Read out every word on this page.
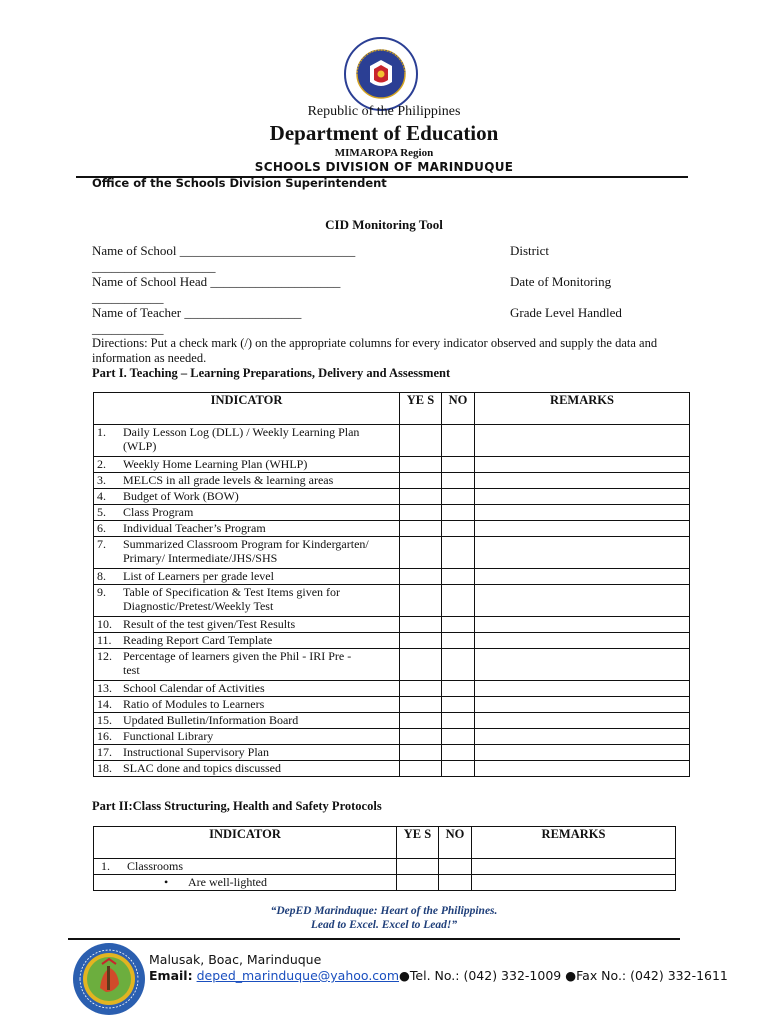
Republic of the Philippines
Department of Education
MIMAROPA Region
SCHOOLS DIVISION OF MARINDUQUE
Office of the Schools Division Superintendent
CID Monitoring Tool
Name of School ___________________________	District
___________________
Name of School Head ____________________	Date of Monitoring
___________
Name of Teacher __________________	Grade Level Handled
___________
Directions: Put a check mark (/) on the appropriate columns for every indicator observed and supply the data and information as needed.
Part I. Teaching – Learning Preparations, Delivery and Assessment
INDICATOR	YE S	NO	REMARKS
1. Daily Lesson Log (DLL) / Weekly Learning Plan (WLP)			
2. Weekly Home Learning Plan (WHLP)			
3. MELCS in all grade levels & learning areas			
4. Budget of Work (BOW)			
5. Class Program			
6. Individual Teacher’s Program			
7. Summarized Classroom Program for Kindergarten/ Primary/ Intermediate/JHS/SHS			
8. List of Learners per grade level			
9. Table of Specification & Test Items given for Diagnostic/Pretest/Weekly Test			
10. Result of the test given/Test Results			
11. Reading Report Card Template			
12. Percentage of learners given the Phil - IRI Pre - test			
13. School Calendar of Activities			
14. Ratio of Modules to Learners			
15. Updated Bulletin/Information Board			
16.Functional Library			
17. Instructional Supervisory Plan			
18. SLAC done and topics discussed			
Part II:Class Structuring, Health and Safety Protocols
INDICATOR	YE S	NO	REMARKS
1. Classrooms			
• Are well-lighted			
“DepED Marinduque: Heart of the Philippines.
Lead to Excel. Excel to Lead!”
Malusak, Boac, Marinduque
Email: deped_marinduque@yahoo.com●Tel. No.: (042) 332-1009 ●Fax No.: (042) 332-1611
